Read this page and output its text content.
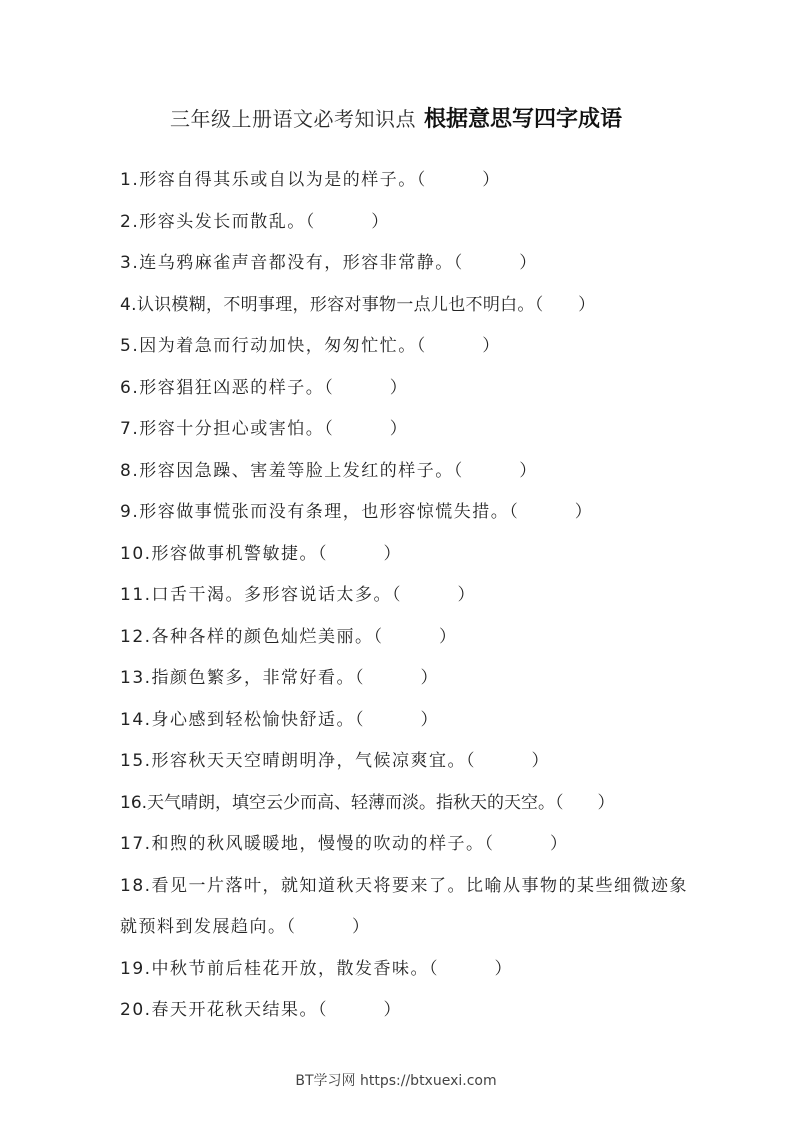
三年级上册语文必考知识点 根据意思写四字成语
1.形容自得其乐或自以为是的样子。（　　　）
2.形容头发长而散乱。（　　　）
3.连乌鸦麻雀声音都没有，形容非常静。（　　　）
4.认识模糊，不明事理，形容对事物一点儿也不明白。（　　）
5.因为着急而行动加快，匆匆忙忙。（　　　）
6.形容猖狂凶恶的样子。（　　　）
7.形容十分担心或害怕。（　　　）
8.形容因急躁、害羞等脸上发红的样子。（　　　）
9.形容做事慌张而没有条理，也形容惊慌失措。（　　　）
10.形容做事机警敏捷。（　　　）
11.口舌干渴。多形容说话太多。（　　　）
12.各种各样的颜色灿烂美丽。（　　　）
13.指颜色繁多，非常好看。（　　　）
14.身心感到轻松愉快舒适。（　　　）
15.形容秋天天空晴朗明净，气候凉爽宜。（　　　）
16.天气晴朗，填空云少而高、轻薄而淡。指秋天的天空。（　　）
17.和煦的秋风暖暖地，慢慢的吹动的样子。（　　　）
18.看见一片落叶，就知道秋天将要来了。比喻从事物的某些细微迹象就预料到发展趋向。（　　　）
19.中秋节前后桂花开放，散发香味。（　　　）
20.春天开花秋天结果。（　　　）
BT学习网 https://btxuexi.com
